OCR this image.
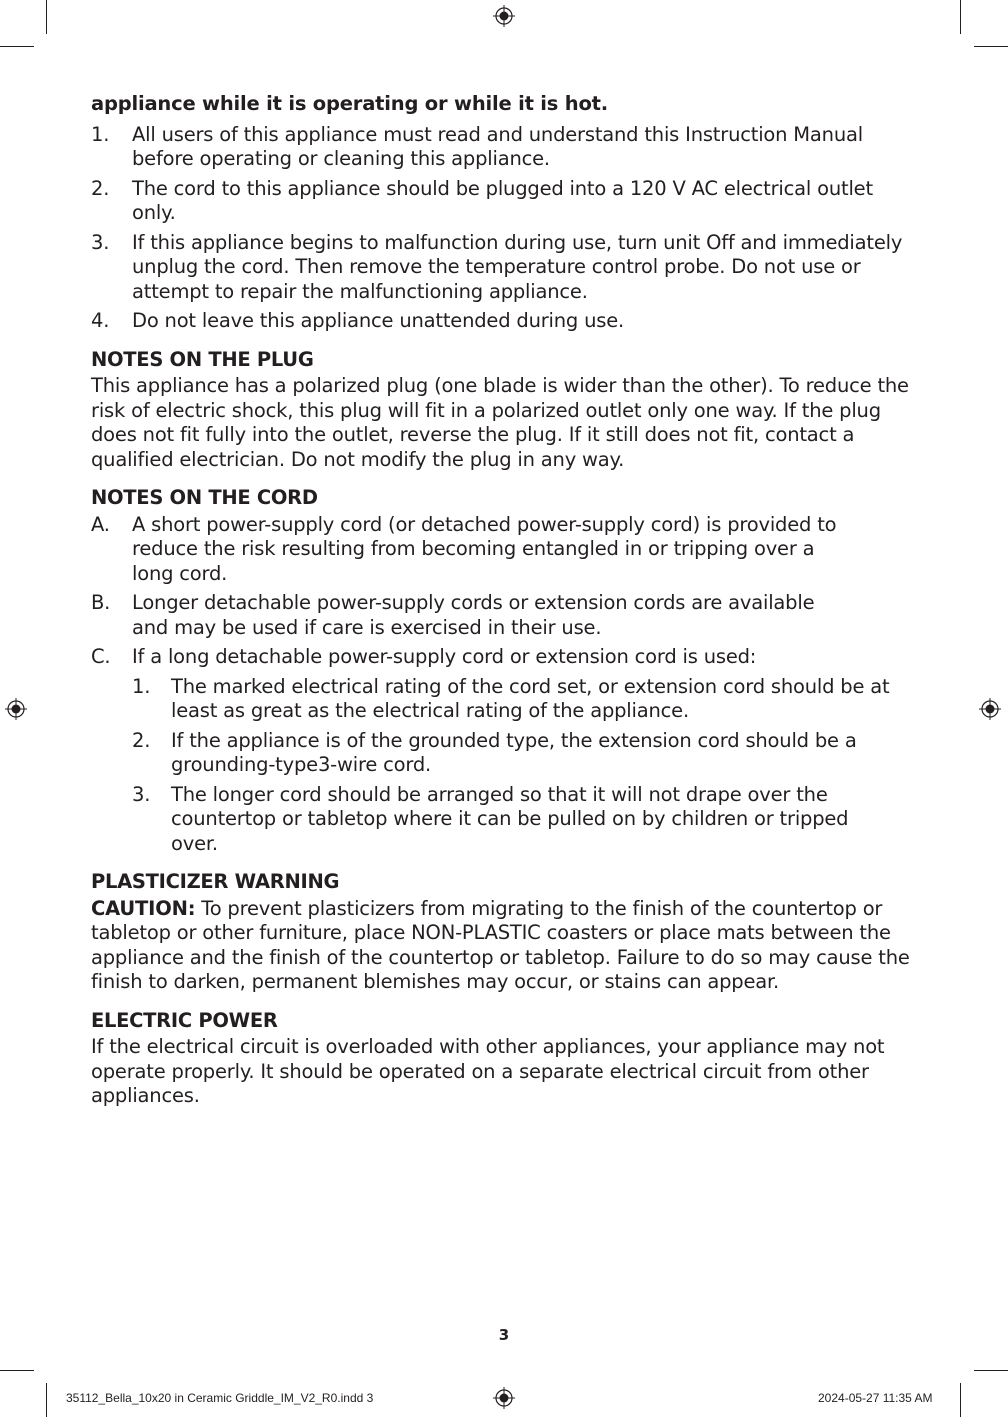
appliance while it is operating or while it is hot.

1. All users of this appliance must read and understand this Instruction Manual before operating or cleaning this appliance.
2. The cord to this appliance should be plugged into a 120 V AC electrical outlet only.
3. If this appliance begins to malfunction during use, turn unit Off and immediately unplug the cord. Then remove the temperature control probe. Do not use or attempt to repair the malfunctioning appliance.
4. Do not leave this appliance unattended during use.
NOTES ON THE PLUG

This appliance has a polarized plug (one blade is wider than the other). To reduce the risk of electric shock, this plug will fit in a polarized outlet only one way. If the plug does not fit fully into the outlet, reverse the plug. If it still does not fit, contact a qualified electrician. Do not modify the plug in any way.

NOTES ON THE CORD
A. A short power-supply cord (or detached power-supply cord) is provided to reduce the risk resulting from becoming entangled in or tripping over a long cord.
B. Longer detachable power-supply cords or extension cords are available and may be used if care is exercised in their use.
C. If a long detachable power-supply cord or extension cord is used:
1. The marked electrical rating of the cord set, or extension cord should be at least as great as the electrical rating of the appliance.
2. If the appliance is of the grounded type, the extension cord should be a grounding-type3-wire cord.
3. The longer cord should be arranged so that it will not drape over the countertop or tabletop where it can be pulled on by children or tripped over.
PLASTICIZER WARNING

CAUTION: To prevent plasticizers from migrating to the finish of the countertop or tabletop or other furniture, place NON-PLASTIC coasters or place mats between the appliance and the finish of the countertop or tabletop. Failure to do so may cause the finish to darken, permanent blemishes may occur, or stains can appear.

ELECTRIC POWER

If the electrical circuit is overloaded with other appliances, your appliance may not operate properly. It should be operated on a separate electrical circuit from other appliances.

3
35112_Bella_10x20 in Ceramic Griddle_IM_V2_R0.indd 3	2024-05-27 11:35 AM
